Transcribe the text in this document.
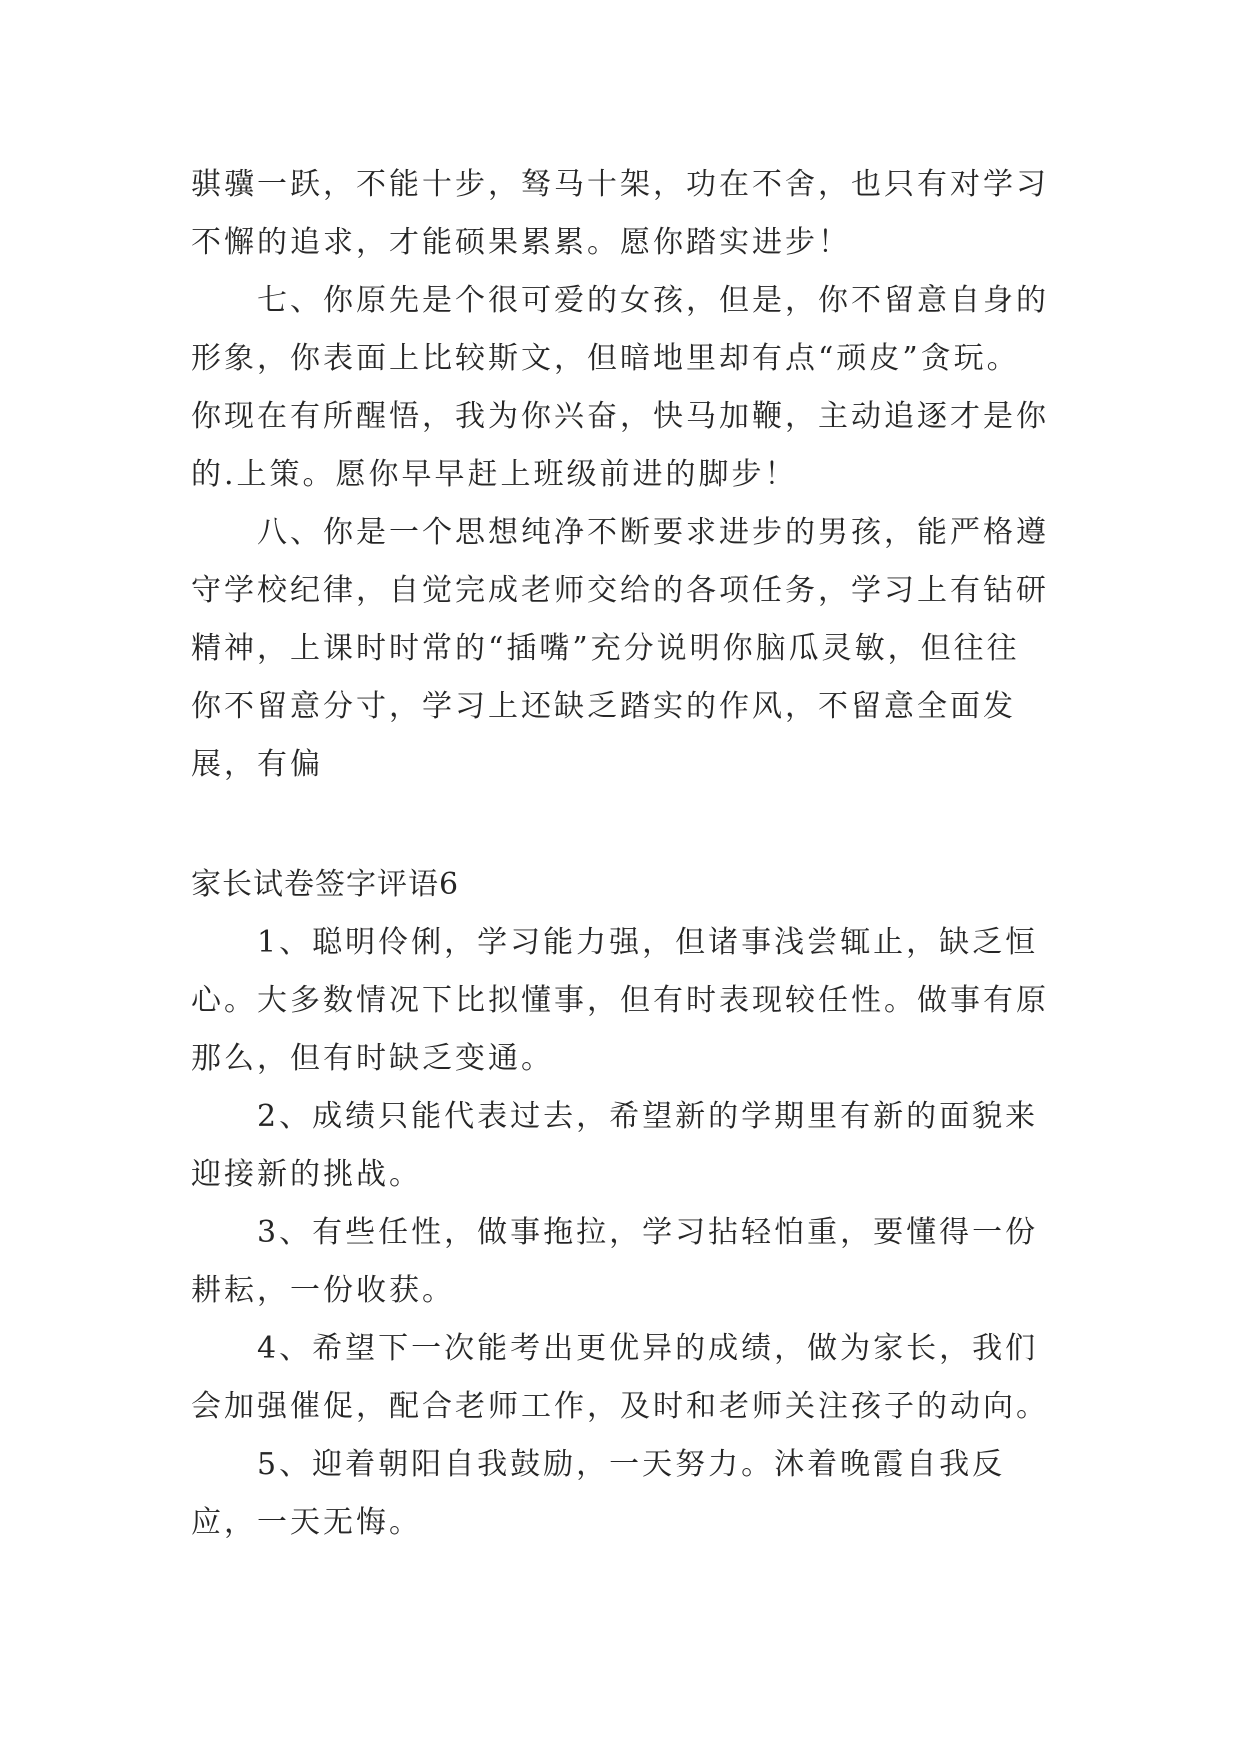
骐骥一跃，不能十步，驽马十架，功在不舍，也只有对学习不懈的追求，才能硕果累累。愿你踏实进步！

七、你原先是个很可爱的女孩，但是，你不留意自身的形象，你表面上比较斯文，但暗地里却有点“顽皮”贪玩。你现在有所醒悟，我为你兴奋，快马加鞭，主动追逐才是你的.上策。愿你早早赶上班级前进的脚步！

八、你是一个思想纯净不断要求进步的男孩，能严格遵守学校纪律，自觉完成老师交给的各项任务，学习上有钻研精神，上课时时常的“插嘴”充分说明你脑瓜灵敏，但往往你不留意分寸，学习上还缺乏踏实的作风，不留意全面发展，有偏

家长试卷签字评语6

1、聪明伶俐，学习能力强，但诸事浅尝辄止，缺乏恒心。大多数情况下比拟懂事，但有时表现较任性。做事有原那么，但有时缺乏变通。

2、成绩只能代表过去，希望新的学期里有新的面貌来迎接新的挑战。

3、有些任性，做事拖拉，学习拈轻怕重，要懂得一份耕耘，一份收获。

4、希望下一次能考出更优异的成绩，做为家长，我们会加强催促，配合老师工作，及时和老师关注孩子的动向。

5、迎着朝阳自我鼓励，一天努力。沐着晚霞自我反应，一天无悔。
